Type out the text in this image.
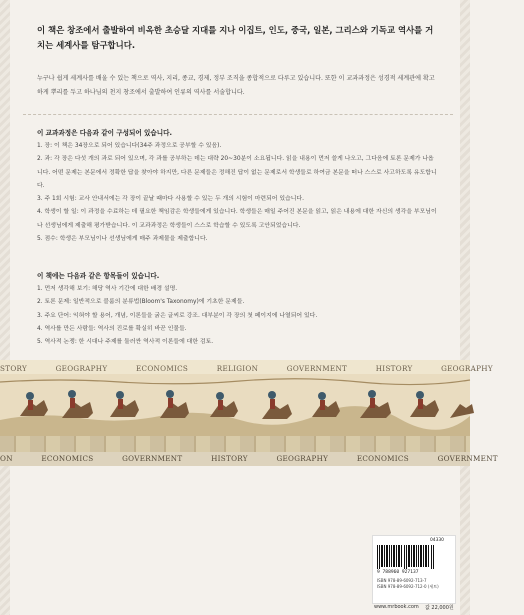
이 책은 창조에서 출발하여 비옥한 초승달 지대를 지나 이집트, 인도, 중국, 일본, 그리스와 기독교 역사를 거치는 세계사를 탐구합니다.
누구나 쉽게 세계사를 배울 수 있는 책으로 역사, 지리, 종교, 경제, 정부 조직을 종합적으로 다루고 있습니다. 또한 이 교과과정은 성경적 세계관에 확고하게 뿌리를 두고 하나님의 천지 창조에서 출발하여 인류의 역사를 서술합니다.
이 교과과정은 다음과 같이 구성되어 있습니다.
1. 장: 이 책은 34장으로 되어 있습니다(34주 과정으로 공부할 수 있음).
2. 과: 각 장은 다섯 개의 과로 되어 있으며, 각 과를 공부하는 데는 대략 20~30분이 소요됩니다. 읽을 내용이 먼저 쓸게 나오고, 그다음에 토론 문제가 나옵니다. 어떤 문제는 본문에서 정확한 답을 찾아야 하지만, 다른 문제들은 정해진 답이 없는 문제로서 학생들로 하여금 본문을 떠나 스스로 사고하도록 유도합니다.
3. 주 1회 시험: 교사 안내서에는 각 장이 끝날 때마다 사용할 수 있는 두 개의 시험이 마련되어 있습니다.
4. 학생이 할 일: 이 과정을 수료하는 데 필요한 책임감은 학생들에게 있습니다. 학생들은 매일 주어진 본문을 읽고, 읽은 내용에 대한 자신의 생각을 부모님이나 선생님에게 제출해 평가받습니다. 이 교과과정은 학생들이 스스로 학습할 수 있도록 고안되었습니다.
5. 점수: 학생은 부모님이나 선생님에게 매주 과제물을 제출합니다.
이 책에는 다음과 같은 항목들이 있습니다.
1. 먼저 생각해 보기: 해당 역사 기간에 대한 배경 설명.
2. 토론 문제: 일반적으로 블룸의 분류법(Bloom's Taxonomy)에 기초한 문제들.
3. 주요 단어: 익혀야 할 용어, 개념, 이론들을 굵은 글씨로 강조. 대부분이 각 장의 첫 페이지에 나열되어 있다.
4. 역사를 만든 사람들: 역사의 진로를 확실히 바꾼 인물들.
5. 역사적 논쟁: 한 시대나 주제를 둘러싼 역사적 이론들에 대한 검토.
STORY	GEOGRAPHY	ECONOMICS	RELIGION	GOVERNMENT	HISTORY	GEOGRAPHY
ON	ECONOMICS	GOVERNMENT	HISTORY	GEOGRAPHY	ECONOMICS	GOVERNMENT
04330
9 788960 927137
ISBN 978-89-6092-713-7
ISBN 978-89-6092-712-0 (세트)
www.mrbook.com 값 22,000원
